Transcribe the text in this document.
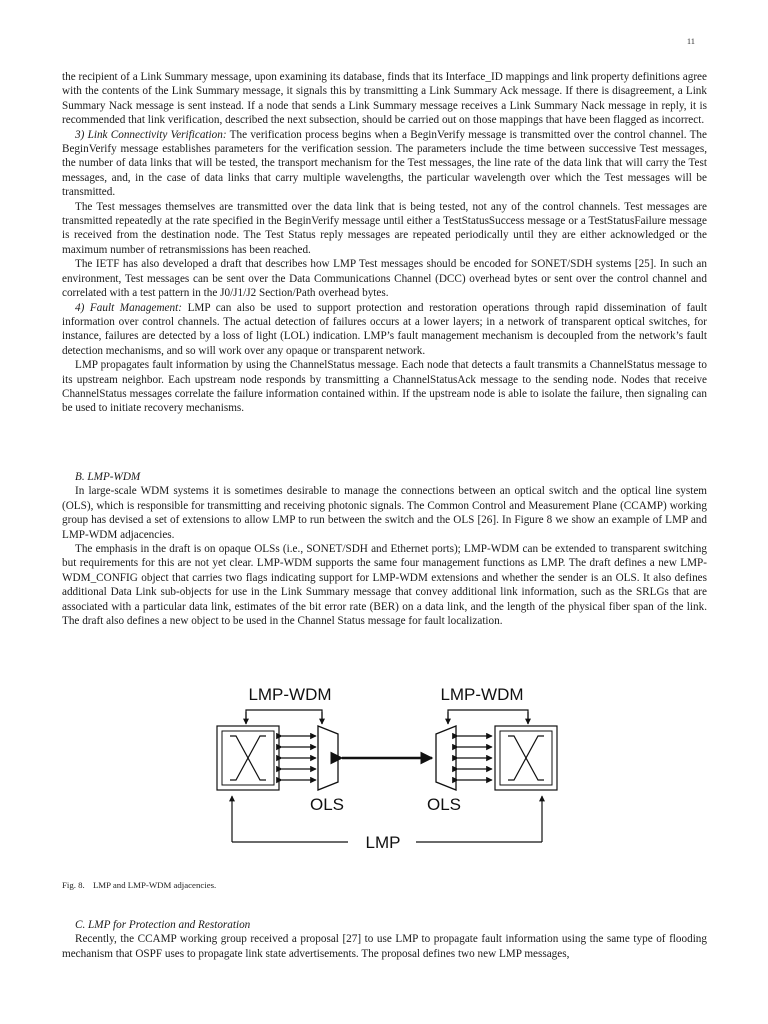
11

the recipient of a Link Summary message, upon examining its database, finds that its Interface_ID mappings and link property definitions agree with the contents of the Link Summary message, it signals this by transmitting a Link Summary Ack message. If there is disagreement, a Link Summary Nack message is sent instead. If a node that sends a Link Summary message receives a Link Summary Nack message in reply, it is recommended that link verification, described the next subsection, should be carried out on those mappings that have been flagged as incorrect.

3) Link Connectivity Verification: The verification process begins when a BeginVerify message is transmitted over the control channel. The BeginVerify message establishes parameters for the verification session. The parameters include the time between successive Test messages, the number of data links that will be tested, the transport mechanism for the Test messages, the line rate of the data link that will carry the Test messages, and, in the case of data links that carry multiple wavelengths, the particular wavelength over which the Test messages will be transmitted.

The Test messages themselves are transmitted over the data link that is being tested, not any of the control channels. Test messages are transmitted repeatedly at the rate specified in the BeginVerify message until either a TestStatusSuccess message or a TestStatusFailure message is received from the destination node. The Test Status reply messages are repeated periodically until they are either acknowledged or the maximum number of retransmissions has been reached.

The IETF has also developed a draft that describes how LMP Test messages should be encoded for SONET/SDH systems [25]. In such an environment, Test messages can be sent over the Data Communications Channel (DCC) overhead bytes or sent over the control channel and correlated with a test pattern in the J0/J1/J2 Section/Path overhead bytes.

4) Fault Management: LMP can also be used to support protection and restoration operations through rapid dissemination of fault information over control channels. The actual detection of failures occurs at a lower layers; in a network of transparent optical switches, for instance, failures are detected by a loss of light (LOL) indication. LMP’s fault management mechanism is decoupled from the network’s fault detection mechanisms, and so will work over any opaque or transparent network.

LMP propagates fault information by using the ChannelStatus message. Each node that detects a fault transmits a ChannelStatus message to its upstream neighbor. Each upstream node responds by transmitting a ChannelStatusAck message to the sending node. Nodes that receive ChannelStatus messages correlate the failure information contained within. If the upstream node is able to isolate the failure, then signaling can be used to initiate recovery mechanisms.

B. LMP-WDM

In large-scale WDM systems it is sometimes desirable to manage the connections between an optical switch and the optical line system (OLS), which is responsible for transmitting and receiving photonic signals. The Common Control and Measurement Plane (CCAMP) working group has devised a set of extensions to allow LMP to run between the switch and the OLS [26]. In Figure 8 we show an example of LMP and LMP-WDM adjacencies.

The emphasis in the draft is on opaque OLSs (i.e., SONET/SDH and Ethernet ports); LMP-WDM can be extended to transparent switching but requirements for this are not yet clear. LMP-WDM supports the same four management functions as LMP. The draft defines a new LMP-WDM_CONFIG object that carries two flags indicating support for LMP-WDM extensions and whether the sender is an OLS. It also defines additional Data Link sub-objects for use in the Link Summary message that convey additional link information, such as the SRLGs that are associated with a particular data link, estimates of the bit error rate (BER) on a data link, and the length of the physical fiber span of the link. The draft also defines a new object to be used in the Channel Status message for fault localization.

LMP-WDM	LMP-WDM
OLS	OLS
LMP
Fig. 8. LMP and LMP-WDM adjacencies.

C. LMP for Protection and Restoration

Recently, the CCAMP working group received a proposal [27] to use LMP to propagate fault information using the same type of flooding mechanism that OSPF uses to propagate link state advertisements. The proposal defines two new LMP messages,
